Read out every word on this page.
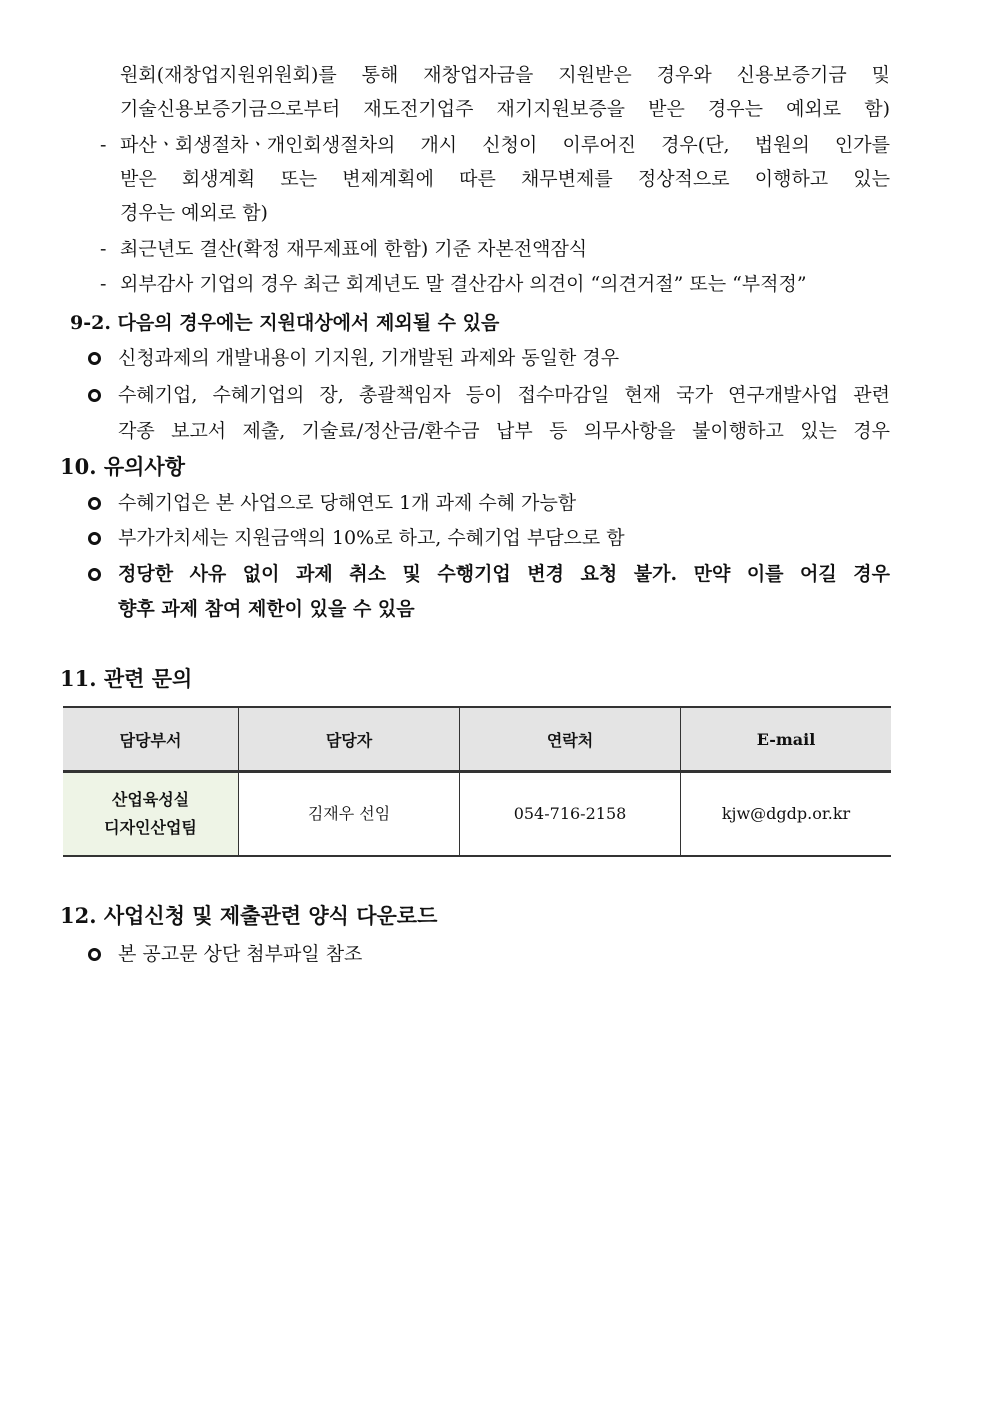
원회(재창업지원위원회)를 통해 재창업자금을 지원받은 경우와 신용보증기금 및
기술신용보증기금으로부터 재도전기업주 재기지원보증을 받은 경우는 예외로 함)
- 파산ㆍ회생절차ㆍ개인회생절차의 개시 신청이 이루어진 경우(단, 법원의 인가를
받은 회생계획 또는 변제계획에 따른 채무변제를 정상적으로 이행하고 있는
경우는 예외로 함)
- 최근년도 결산(확정 재무제표에 한함) 기준 자본전액잠식
- 외부감사 기업의 경우 최근 회계년도 말 결산감사 의견이 “의견거절” 또는 “부적정”
9-2. 다음의 경우에는 지원대상에서 제외될 수 있음
신청과제의 개발내용이 기지원, 기개발된 과제와 동일한 경우
수혜기업, 수혜기업의 장, 총괄책임자 등이 접수마감일 현재 국가 연구개발사업 관련
각종 보고서 제출, 기술료/정산금/환수금 납부 등 의무사항을 불이행하고 있는 경우
10. 유의사항
수혜기업은 본 사업으로 당해연도 1개 과제 수혜 가능함
부가가치세는 지원금액의 10%로 하고, 수혜기업 부담으로 함
정당한 사유 없이 과제 취소 및 수행기업 변경 요청 불가. 만약 이를 어길 경우
향후 과제 참여 제한이 있을 수 있음
11. 관련 문의
담당부서	담당자	연락처	E-mail

산업육성실
디자인산업팀	김재우 선임	054-716-2158	kjw@dgdp.or.kr
12. 사업신청 및 제출관련 양식 다운로드
본 공고문 상단 첨부파일 참조
